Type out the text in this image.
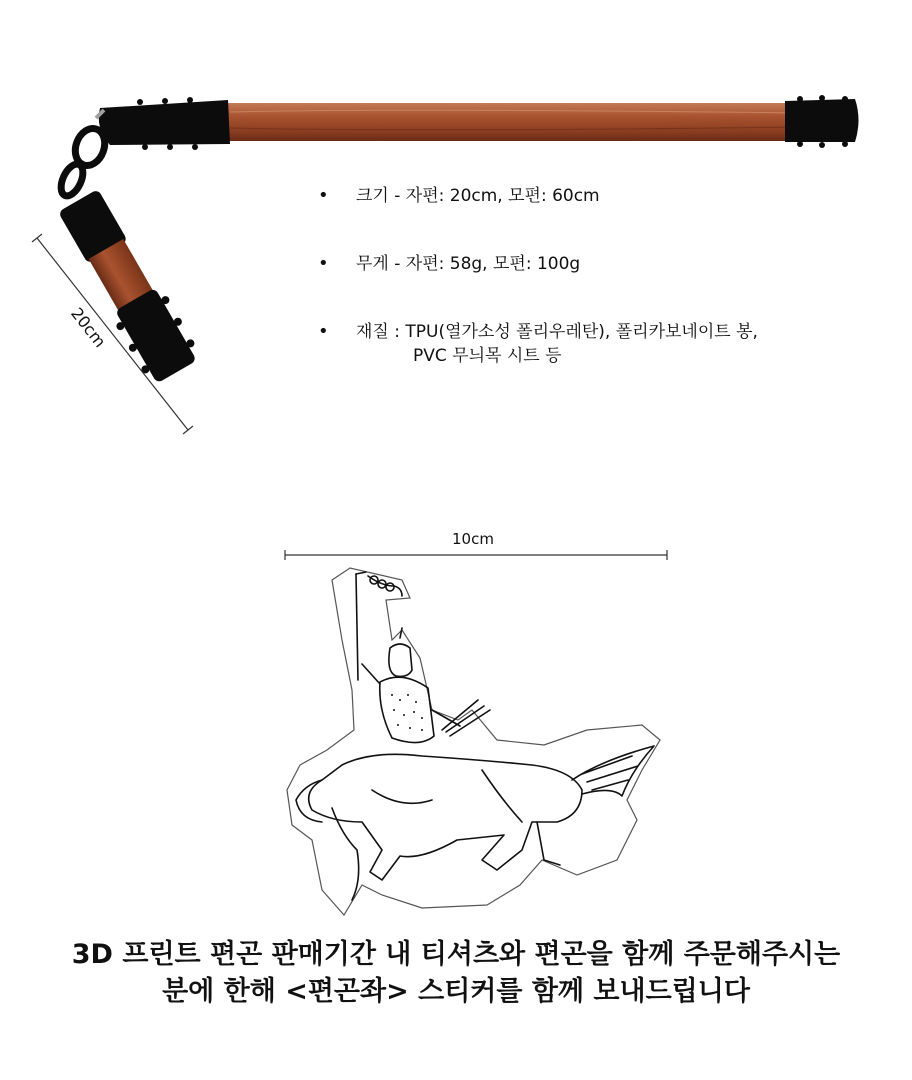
20cm
•	크기 - 자편: 20cm, 모편: 60cm
•	무게 - 자편: 58g, 모편: 100g
•	재질 : TPU(열가소성 폴리우레탄), 폴리카보네이트 봉,
PVC 무늬목 시트 등
10cm
3D 프린트 편곤 판매기간 내 티셔츠와 편곤을 함께 주문해주시는
분에 한해 <편곤좌> 스티커를 함께 보내드립니다
